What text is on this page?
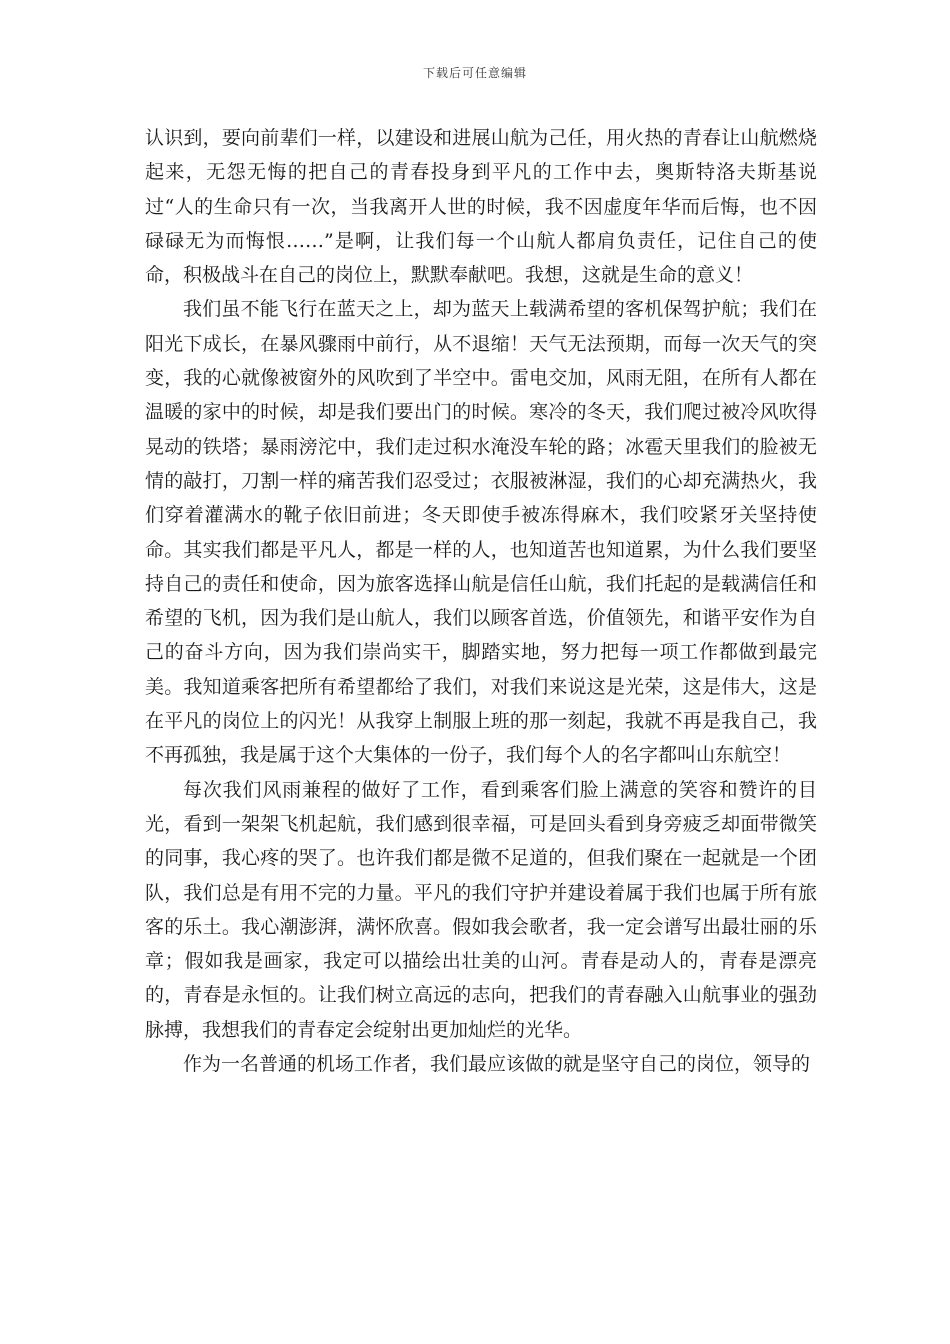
下载后可任意编辑

认识到，要向前辈们一样，以建设和进展山航为己任，用火热的青春让山航燃烧起来，无怨无悔的把自己的青春投身到平凡的工作中去，奥斯特洛夫斯基说过“人的生命只有一次，当我离开人世的时候，我不因虚度年华而后悔，也不因碌碌无为而悔恨……”是啊，让我们每一个山航人都肩负责任，记住自己的使命，积极战斗在自己的岗位上，默默奉献吧。我想，这就是生命的意义！

我们虽不能飞行在蓝天之上，却为蓝天上载满希望的客机保驾护航；我们在阳光下成长，在暴风骤雨中前行，从不退缩！天气无法预期，而每一次天气的突变，我的心就像被窗外的风吹到了半空中。雷电交加，风雨无阻，在所有人都在温暖的家中的时候，却是我们要出门的时候。寒冷的冬天，我们爬过被冷风吹得晃动的铁塔；暴雨滂沱中，我们走过积水淹没车轮的路；冰雹天里我们的脸被无情的敲打，刀割一样的痛苦我们忍受过；衣服被淋湿，我们的心却充满热火，我们穿着灌满水的靴子依旧前进；冬天即使手被冻得麻木，我们咬紧牙关坚持使命。其实我们都是平凡人，都是一样的人，也知道苦也知道累，为什么我们要坚持自己的责任和使命，因为旅客选择山航是信任山航，我们托起的是载满信任和希望的飞机，因为我们是山航人，我们以顾客首选，价值领先，和谐平安作为自己的奋斗方向，因为我们崇尚实干，脚踏实地，努力把每一项工作都做到最完美。我知道乘客把所有希望都给了我们，对我们来说这是光荣，这是伟大，这是在平凡的岗位上的闪光！从我穿上制服上班的那一刻起，我就不再是我自己，我不再孤独，我是属于这个大集体的一份子，我们每个人的名字都叫山东航空！

每次我们风雨兼程的做好了工作，看到乘客们脸上满意的笑容和赞许的目光，看到一架架飞机起航，我们感到很幸福，可是回头看到身旁疲乏却面带微笑的同事，我心疼的哭了。也许我们都是微不足道的，但我们聚在一起就是一个团队，我们总是有用不完的力量。平凡的我们守护并建设着属于我们也属于所有旅客的乐土。我心潮澎湃，满怀欣喜。假如我会歌者，我一定会谱写出最壮丽的乐章；假如我是画家，我定可以描绘出壮美的山河。青春是动人的，青春是漂亮的，青春是永恒的。让我们树立高远的志向，把我们的青春融入山航事业的强劲脉搏，我想我们的青春定会绽射出更加灿烂的光华。

作为一名普通的机场工作者，我们最应该做的就是坚守自己的岗位，领导的
